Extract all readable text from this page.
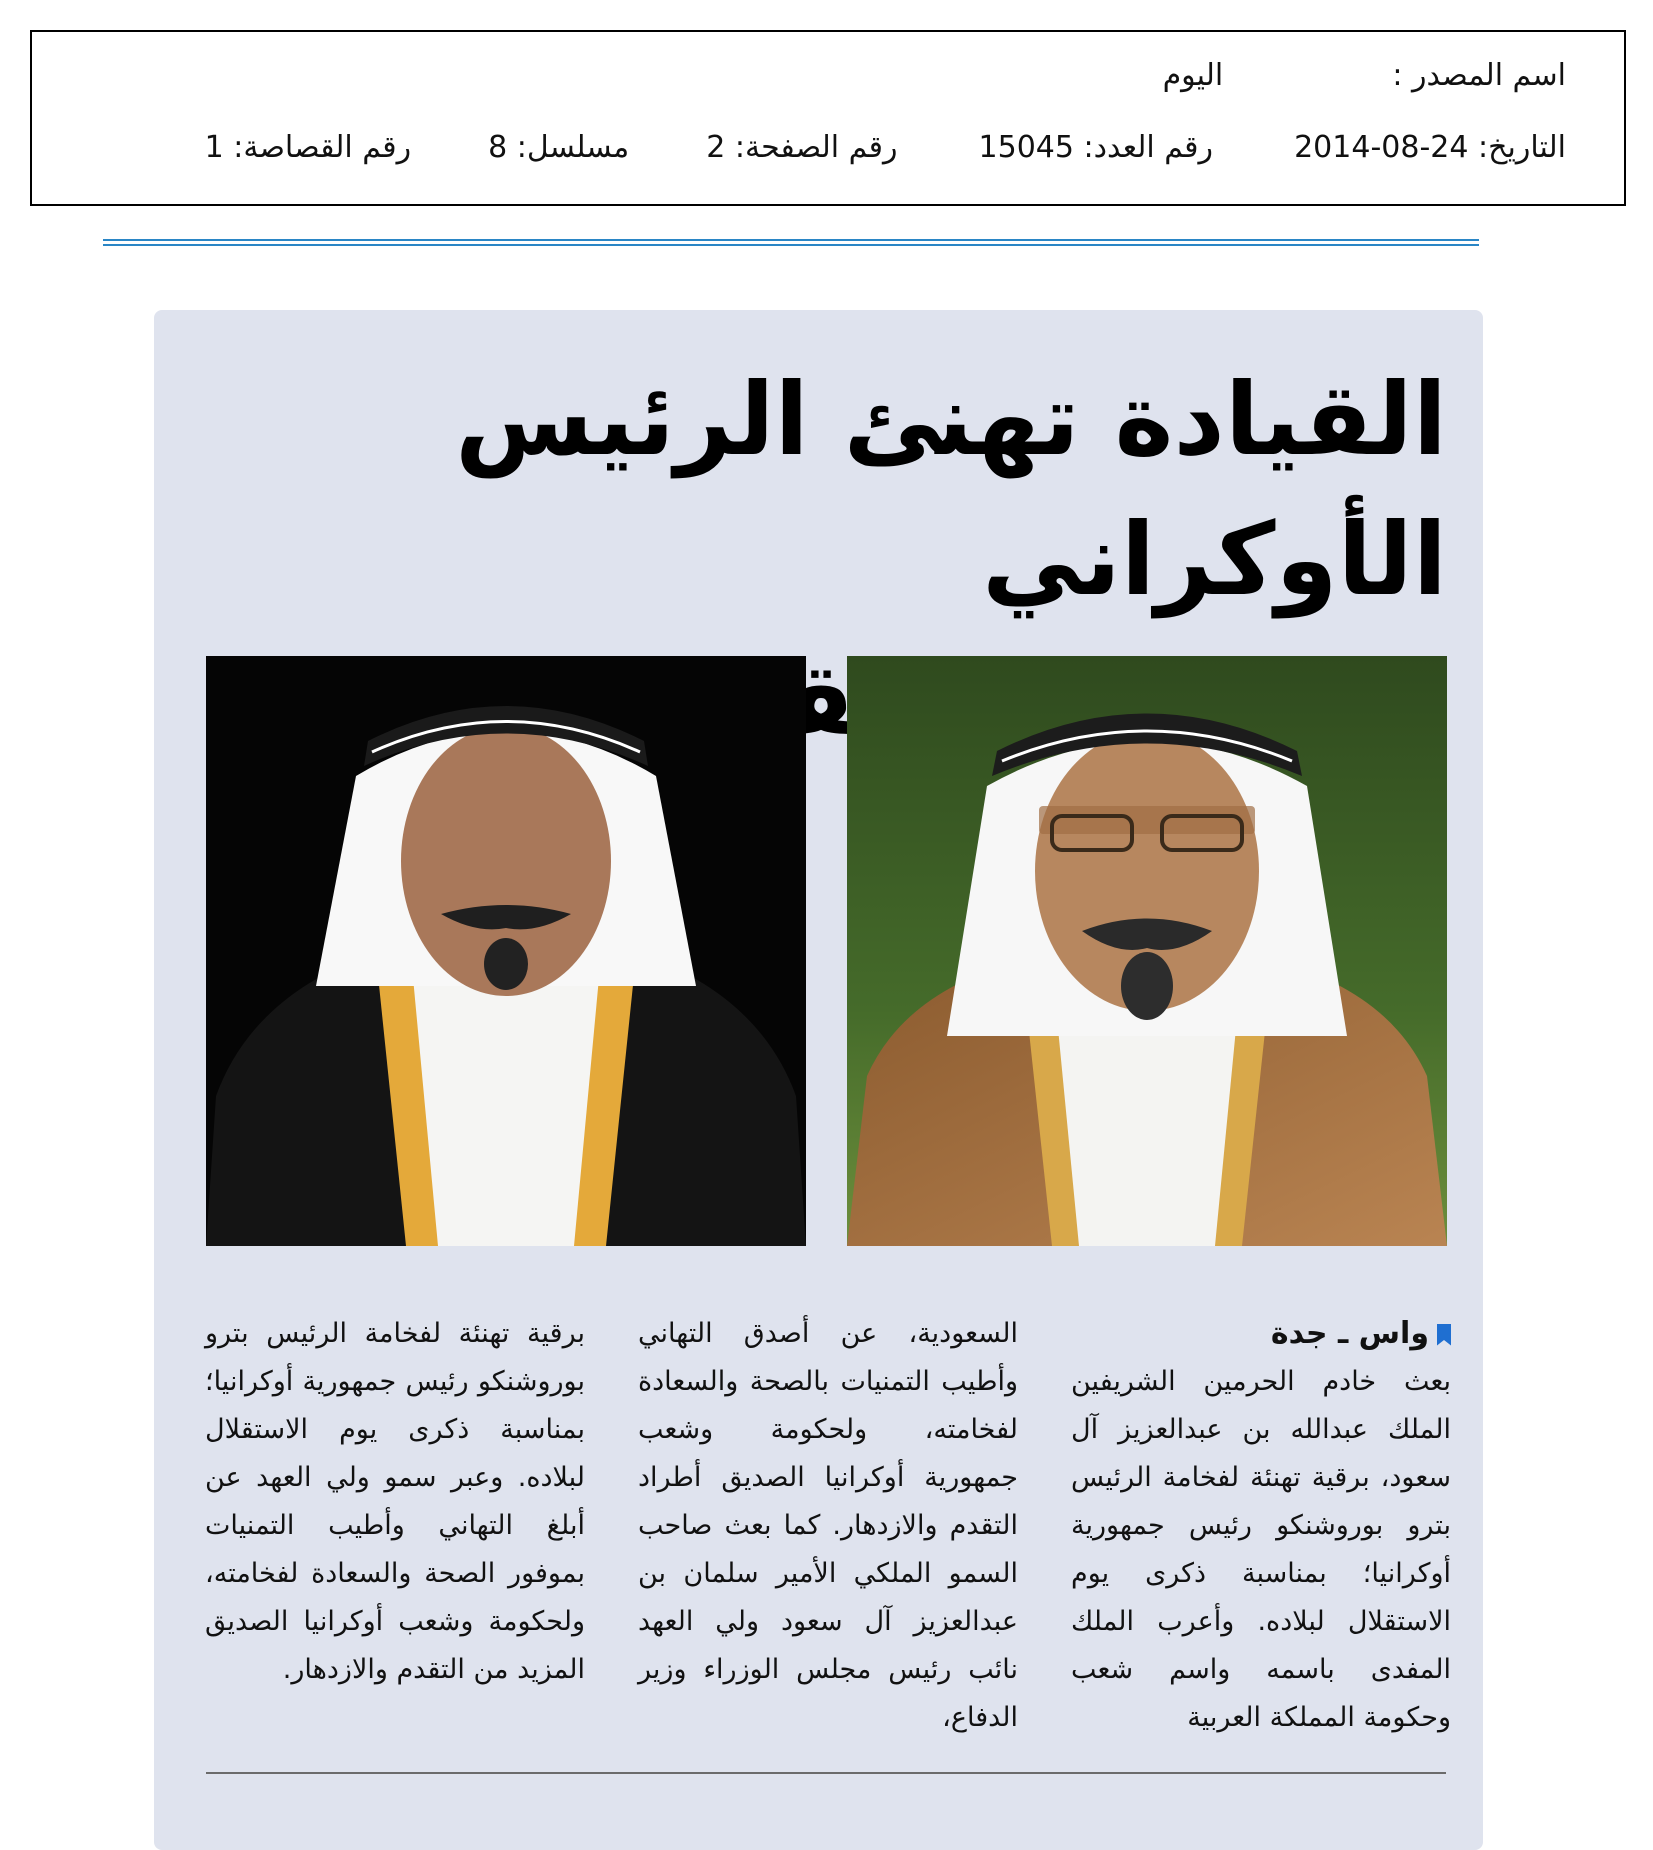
اسم المصدر :  اليوم
التاريخ: 24-08-2014  رقم العدد: 15045  رقم الصفحة: 2  مسلسل: 8  رقم القصاصة: 1
القيادة تهنئ الرئيس الأوكراني
واس ـ جدة
بعث خادم الحرمين الشريفين الملك عبدالله بن عبدالعزيز آل سعود، برقية تهنئة لفخامة الرئيس بترو بوروشنكو رئيس جمهورية أوكرانيا؛ بمناسبة ذكرى يوم الاستقلال لبلاده. وأعرب الملك المفدى باسمه واسم شعب وحكومة المملكة العربية
السعودية، عن أصدق التهاني وأطيب التمنيات بالصحة والسعادة لفخامته، ولحكومة وشعب جمهورية أوكرانيا الصديق أطراد التقدم والازدهار. كما بعث صاحب السمو الملكي الأمير سلمان بن عبدالعزيز آل سعود ولي العهد نائب رئيس مجلس الوزراء وزير الدفاع،
برقية تهنئة لفخامة الرئيس بترو بوروشنكو رئيس جمهورية أوكرانيا؛ بمناسبة ذكرى يوم الاستقلال لبلاده. وعبر سمو ولي العهد عن أبلغ التهاني وأطيب التمنيات بموفور الصحة والسعادة لفخامته، ولحكومة وشعب أوكرانيا الصديق المزيد من التقدم والازدهار.
